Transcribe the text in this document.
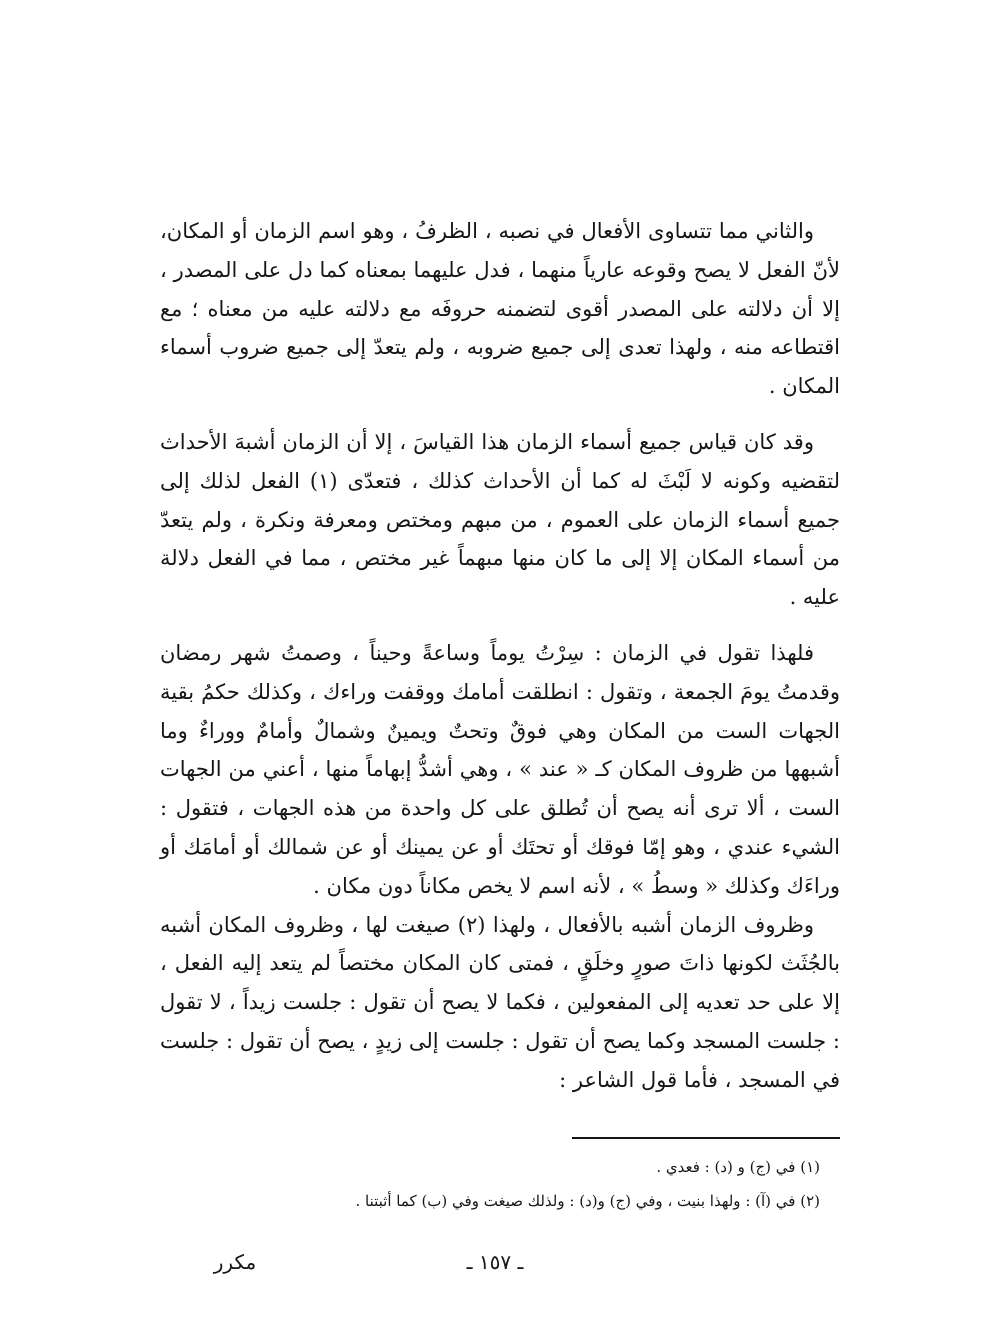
والثاني مما تتساوى الأفعال في نصبه ، الظرفُ ، وهو اسم الزمان أو المكان، لأنّ الفعل لا يصح وقوعه عارياً منهما ، فدل عليهما بمعناه كما دل على المصدر ، إلا أن دلالته على المصدر أقوى لتضمنه حروفَه مع دلالته عليه من معناه ؛ مع اقتطاعه منه ، ولهذا تعدى إلى جميع ضروبه ، ولم يتعدّ إلى جميع ضروب أسماء المكان .

وقد كان قياس جميع أسماء الزمان هذا القياسَ ، إلا أن الزمان أشبهَ الأحداث لتقضيه وكونه لا لَبْثَ له كما أن الأحداث كذلك ، فتعدّى (١) الفعل لذلك إلى جميع أسماء الزمان على العموم ، من مبهم ومختص ومعرفة ونكرة ، ولم يتعدّ من أسماء المكان إلا إلى ما كان منها مبهماً غير مختص ، مما في الفعل دلالة عليه .

فلهذا تقول في الزمان : سِرْتُ يوماً وساعةً وحيناً ، وصمتُ شهر رمضان وقدمتُ يومَ الجمعة ، وتقول : انطلقت أمامك ووقفت وراءك ، وكذلك حكمُ بقية الجهات الست من المكان وهي فوقٌ وتحتٌ ويمينٌ وشمالٌ وأمامٌ ووراءٌ وما أشبهها من ظروف المكان كـ « عند » ، وهي أشدُّ إبهاماً منها ، أعني من الجهات الست ، ألا ترى أنه يصح أن تُطلق على كل واحدة من هذه الجهات ، فتقول : الشيء عندي ، وهو إمّا فوقك أو تحتَك أو عن يمينك أو عن شمالك أو أمامَك أو وراءَك وكذلك « وسطُ » ، لأنه اسم لا يخص مكاناً دون مكان .

وظروف الزمان أشبه بالأفعال ، ولهذا (٢) صيغت لها ، وظروف المكان أشبه بالجُثَث لكونها ذاتَ صورٍ وخلَقٍ ، فمتى كان المكان مختصاً لم يتعد إليه الفعل ، إلا على حد تعديه إلى المفعولين ، فكما لا يصح أن تقول : جلست زيداً ، لا تقول : جلست المسجد وكما يصح أن تقول : جلست إلى زيدٍ ، يصح أن تقول : جلست في المسجد ، فأما قول الشاعر :

(١) في (ج) و (د) : فعدي .

(٢) في (آ) : ولهذا بنيت ، وفي (ج) و(د) : ولذلك صيغت وفي (ب) كما أثبتنا .

ـ ١٥٧ ـ
مكرر
